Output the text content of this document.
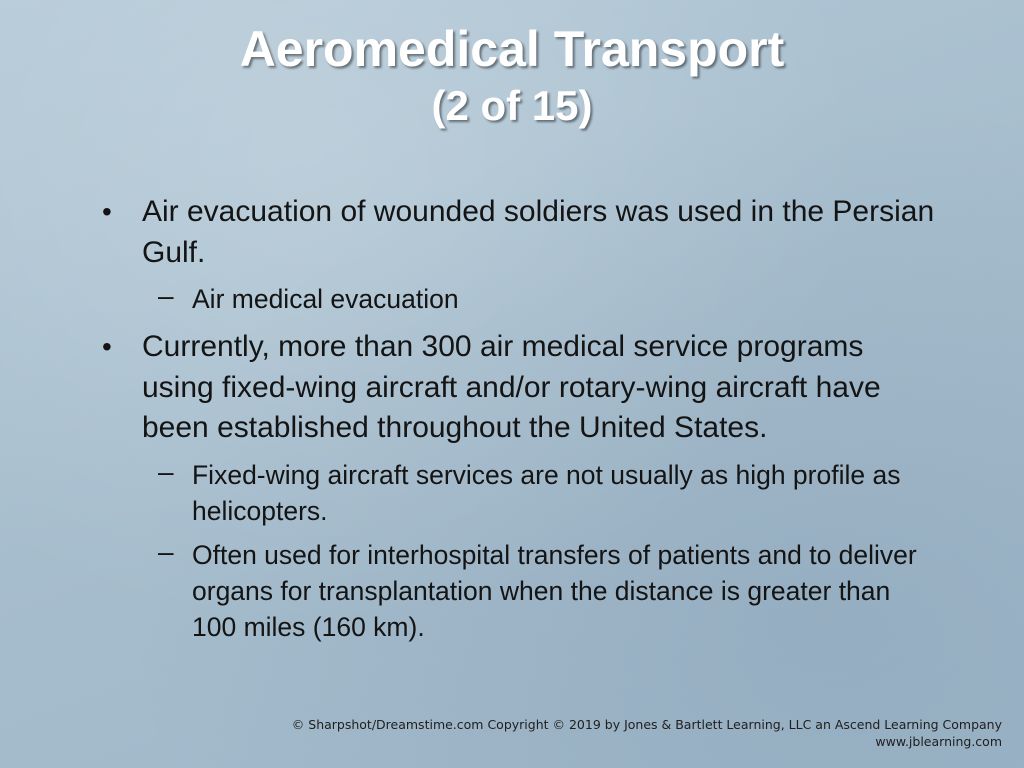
Aeromedical Transport
(2 of 15)
• Air evacuation of wounded soldiers was used in the Persian Gulf.
– Air medical evacuation
• Currently, more than 300 air medical service programs using fixed-wing aircraft and/or rotary-wing aircraft have been established throughout the United States.
– Fixed-wing aircraft services are not usually as high profile as helicopters.
– Often used for interhospital transfers of patients and to deliver organs for transplantation when the distance is greater than 100 miles (160 km).
© Sharpshot/Dreamstime.com Copyright © 2019 by Jones & Bartlett Learning, LLC an Ascend Learning Company
www.jblearning.com
